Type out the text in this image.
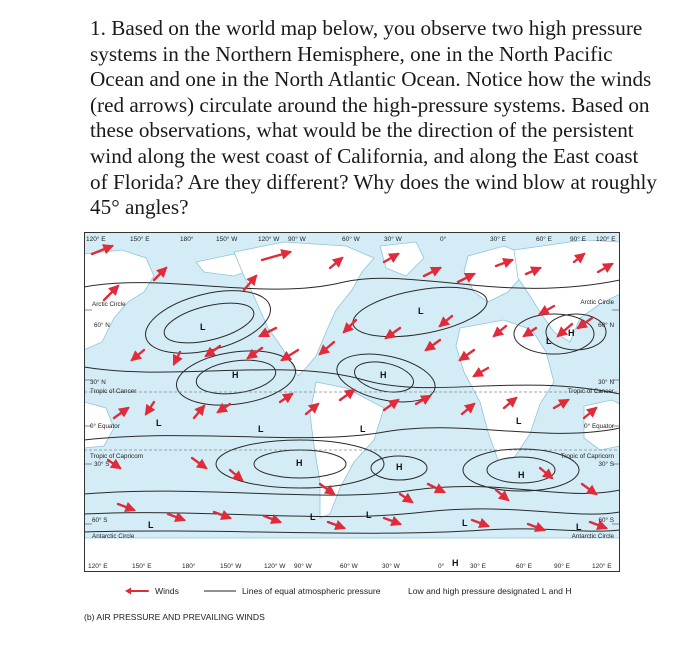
1. Based on the world map below, you observe two high pressure systems in the Northern Hemisphere, one in the North Pacific Ocean and one in the North Atlantic Ocean. Notice how the winds (red arrows) circulate around the high-pressure systems. Based on these observations, what would be the direction of the persistent wind along the west coast of California, and along the East coast of Florida? Are they different? Why does the wind blow at roughly 45° angles?

120° E	150° E	180°	150° W	120° W 90° W	60° W	30° W	0°	30° E	60° E	90° E 120° E
120° E	150° E	180°	150° W	120° W 90° W	60° W	30° W	0°	30° E	60° E	90° E	120° E
Arctic Circle
60° N
30° N
Tropic of Cancer
0° Equator
Tropic of Capricorn
30° S
60° S
Antarctic Circle
Arctic Circle
60° N
30° N
Tropic of Cancer
0° Equator
Tropic of Capricorn
30° S
60° S
Antarctic Circle
L
L
L
H	H
H
L
L	L
L
H	H
H
L
L	L
L	L
H
Winds	Lines of equal atmospheric pressure	Low and high pressure designated L and H
(b) AIR PRESSURE AND PREVAILING WINDS
